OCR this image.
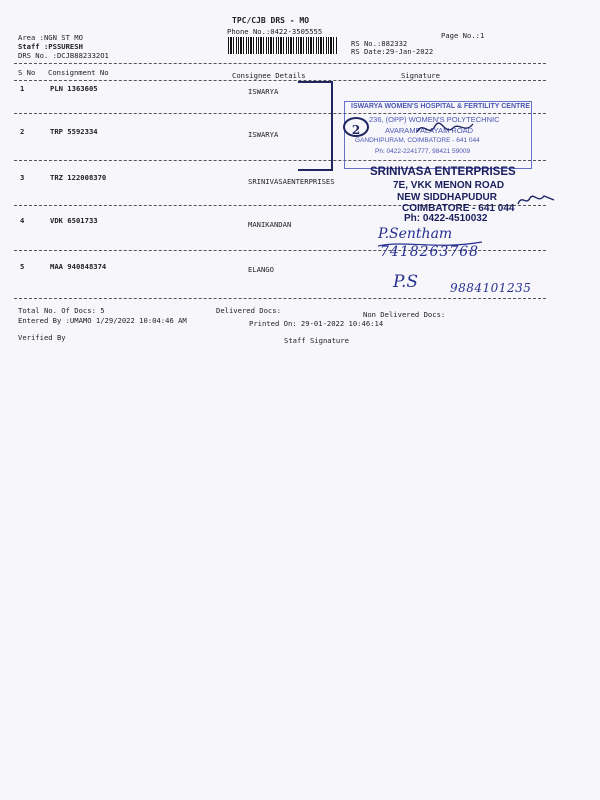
TPC/CJB DRS - MO
Phone No.:0422-3505555	Page No.:1
Area :NGN ST MO
Staff :PSSURESH
DRS No. :DCJB882332O1
RS No.:882332
RS Date:29-Jan-2022
S No Consignment No	Consignee Details	Signature
1	PLN 1363605	ISWARYA
2	TRP 5592334	ISWARYA
3	TRZ 122008370	SRINIVASAENTERPRISES
4	VDK 6501733	MANIKANDAN
5	MAA 940848374	ELANGO
Total No. Of Docs: 5	Delivered Docs:	Non Delivered Docs:
Entered By :UMAMO 1/29/2022 10:04:46 AM	Printed On: 29-01-2022 10:46:14
Verified By	Staff Signature
ISWARYA WOMEN'S HOSPITAL & FERTILITY CENTRE
236, (OPP) WOMEN'S POLYTECHNIC
AVARAMPALAYAM ROAD
GANDHIPURAM, COIMBATORE - 641 044
Ph: 0422-2241777, 98421 59009
2
SRINIVASA ENTERPRISES
7E, VKK MENON ROAD
NEW SIDDHAPUDUR
COIMBATORE - 641 044
Ph: 0422-4510032
P.Sentham
7418263768
P.S	9884101235
